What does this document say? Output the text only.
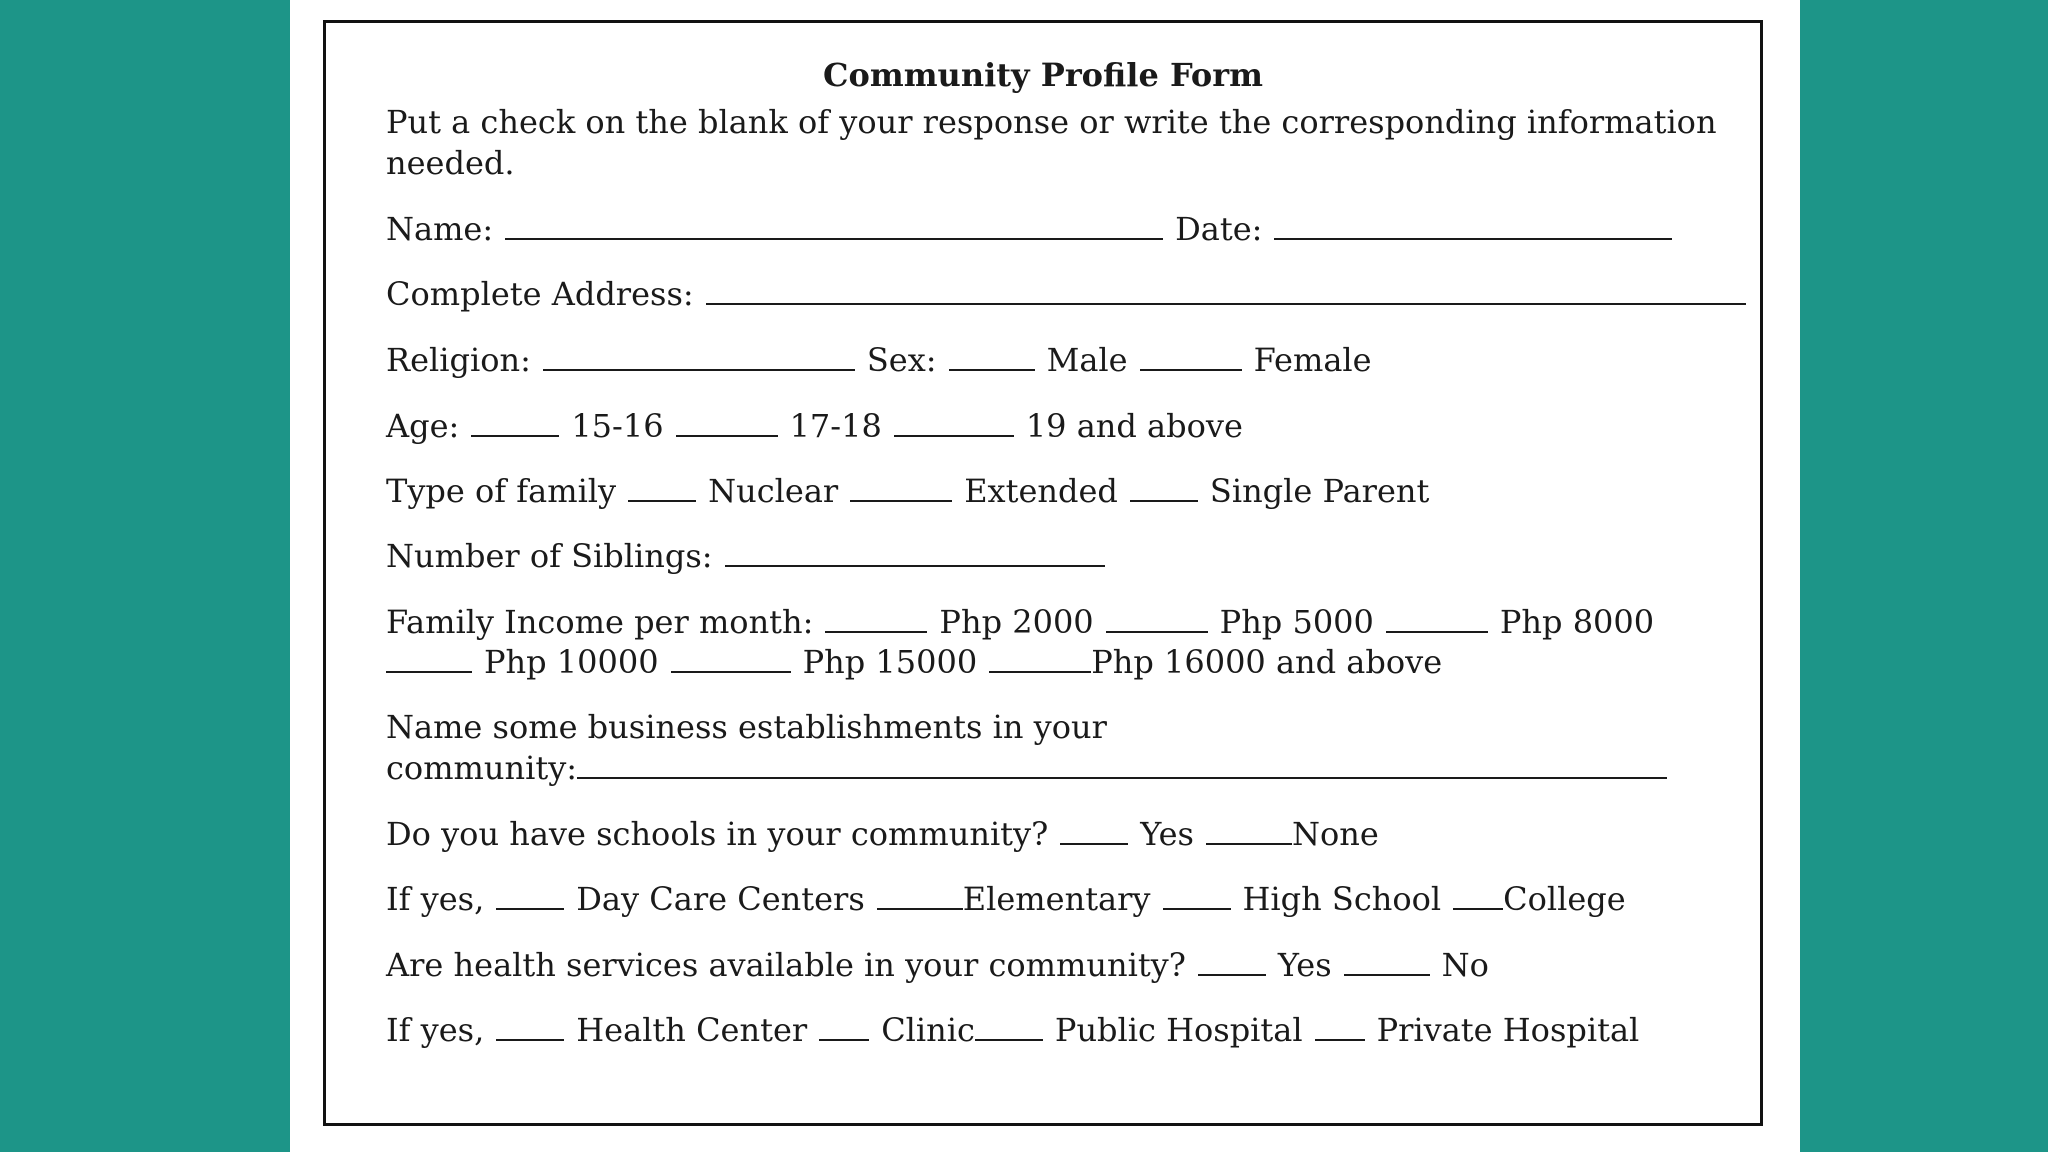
Community Profile Form
Put a check on the blank of your response or write the corresponding information
needed.
Name:	Date:
Complete Address:
Religion:	Sex:	Male	Female
Age:	15-16	17-18	19 and above
Type of family	Nuclear	Extended	Single Parent
Number of Siblings:
Family Income per month:	Php 2000	Php 5000	Php 8000
Php 10000	Php 15000	Php 16000 and above
Name some business establishments in your
community:
Do you have schools in your community?	Yes	None
If yes,	Day Care Centers	Elementary	High School College
Are health services available in your community?	Yes	No
If yes,	Health Center Clinic	Public Hospital Private Hospital
